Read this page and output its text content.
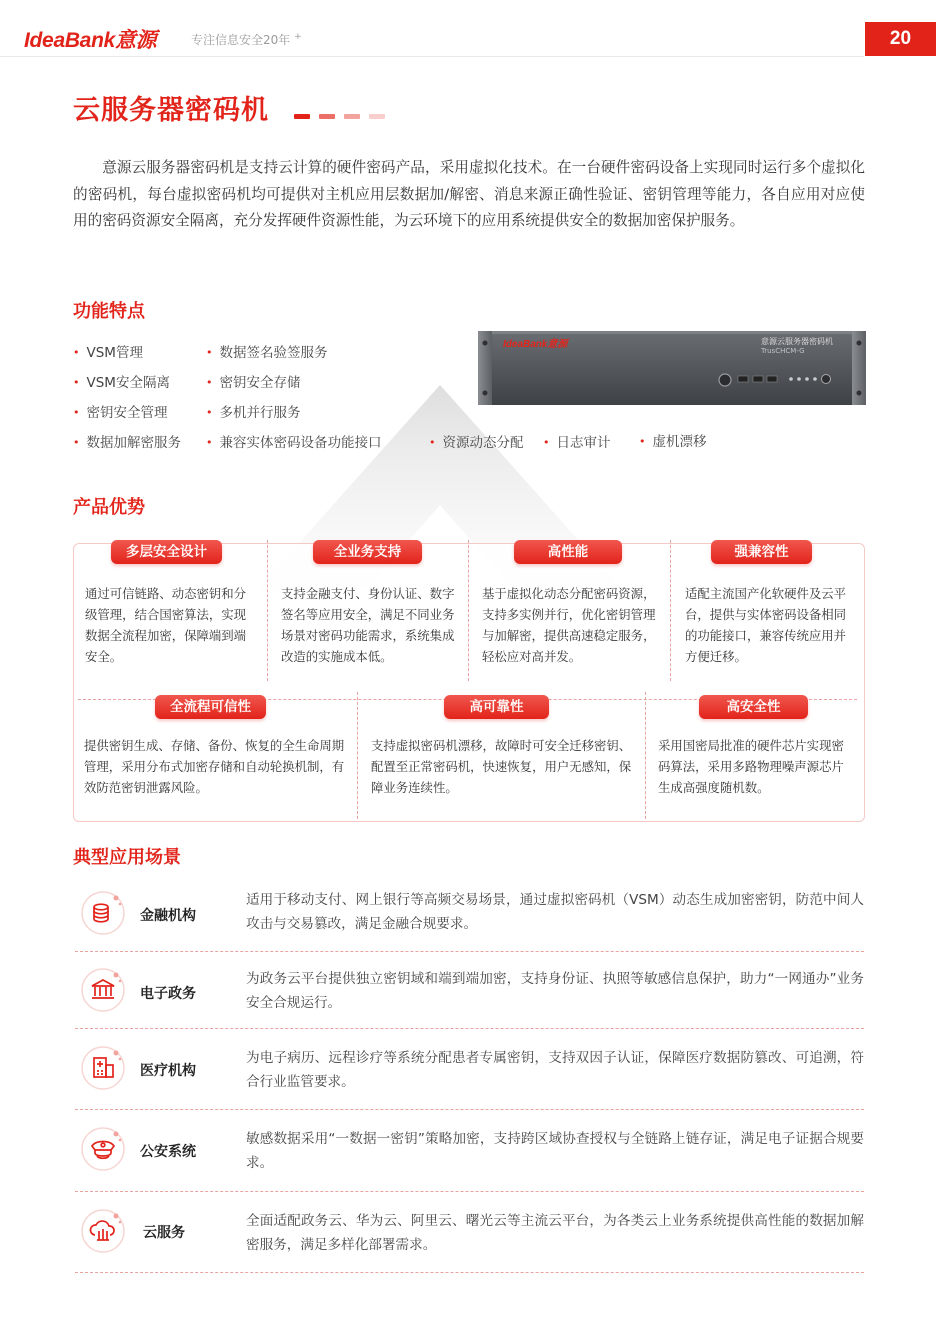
IdeaBank意源	专注信息安全20年 +	20
云服务器密码机

意源云服务器密码机是支持云计算的硬件密码产品，采用虚拟化技术。在一台硬件密码设备上实现同时运行多个虚拟化的密码机，每台虚拟密码机均可提供对主机应用层数据加/解密、消息来源正确性验证、密钥管理等能力，各自应用对应使用的密码资源安全隔离，充分发挥硬件资源性能，为云环境下的应用系统提供安全的数据加密保护服务。

功能特点
• VSM管理	• 数据签名验签服务
• VSM安全隔离	• 密钥安全存储
• 密钥安全管理	• 多机并行服务
• 数据加解密服务	• 兼容实体密码设备功能接口	• 资源动态分配	• 日志审计	• 虚机漂移
IdeaBank意源	意源云服务器密码机
TrusCHCM-G
产品优势
多层安全设计	全业务支持	高性能	强兼容性
全流程可信性	高可靠性	高安全性
通过可信链路、动态密钥和分级管理，结合国密算法，实现数据全流程加密，保障端到端安全。
支持金融支付、身份认证、数字签名等应用安全，满足不同业务场景对密码功能需求，系统集成改造的实施成本低。
基于虚拟化动态分配密码资源，支持多实例并行，优化密钥管理与加解密，提供高速稳定服务，轻松应对高并发。
适配主流国产化软硬件及云平台，提供与实体密码设备相同的功能接口，兼容传统应用并方便迁移。
提供密钥生成、存储、备份、恢复的全生命周期管理，采用分布式加密存储和自动轮换机制，有效防范密钥泄露风险。
支持虚拟密码机漂移，故障时可安全迁移密钥、配置至正常密码机，快速恢复，用户无感知，保障业务连续性。
采用国密局批准的硬件芯片实现密码算法，采用多路物理噪声源芯片生成高强度随机数。
典型应用场景
金融机构
适用于移动支付、网上银行等高频交易场景，通过虚拟密码机（VSM）动态生成加密密钥，防范中间人攻击与交易篡改，满足金融合规要求。
电子政务
为政务云平台提供独立密钥域和端到端加密，支持身份证、执照等敏感信息保护，助力“一网通办”业务安全合规运行。
医疗机构
为电子病历、远程诊疗等系统分配患者专属密钥，支持双因子认证，保障医疗数据防篡改、可追溯，符合行业监管要求。
公安系统
敏感数据采用“一数据一密钥”策略加密，支持跨区域协查授权与全链路上链存证，满足电子证据合规要求。
云服务
全面适配政务云、华为云、阿里云、曙光云等主流云平台，为各类云上业务系统提供高性能的数据加解密服务，满足多样化部署需求。
